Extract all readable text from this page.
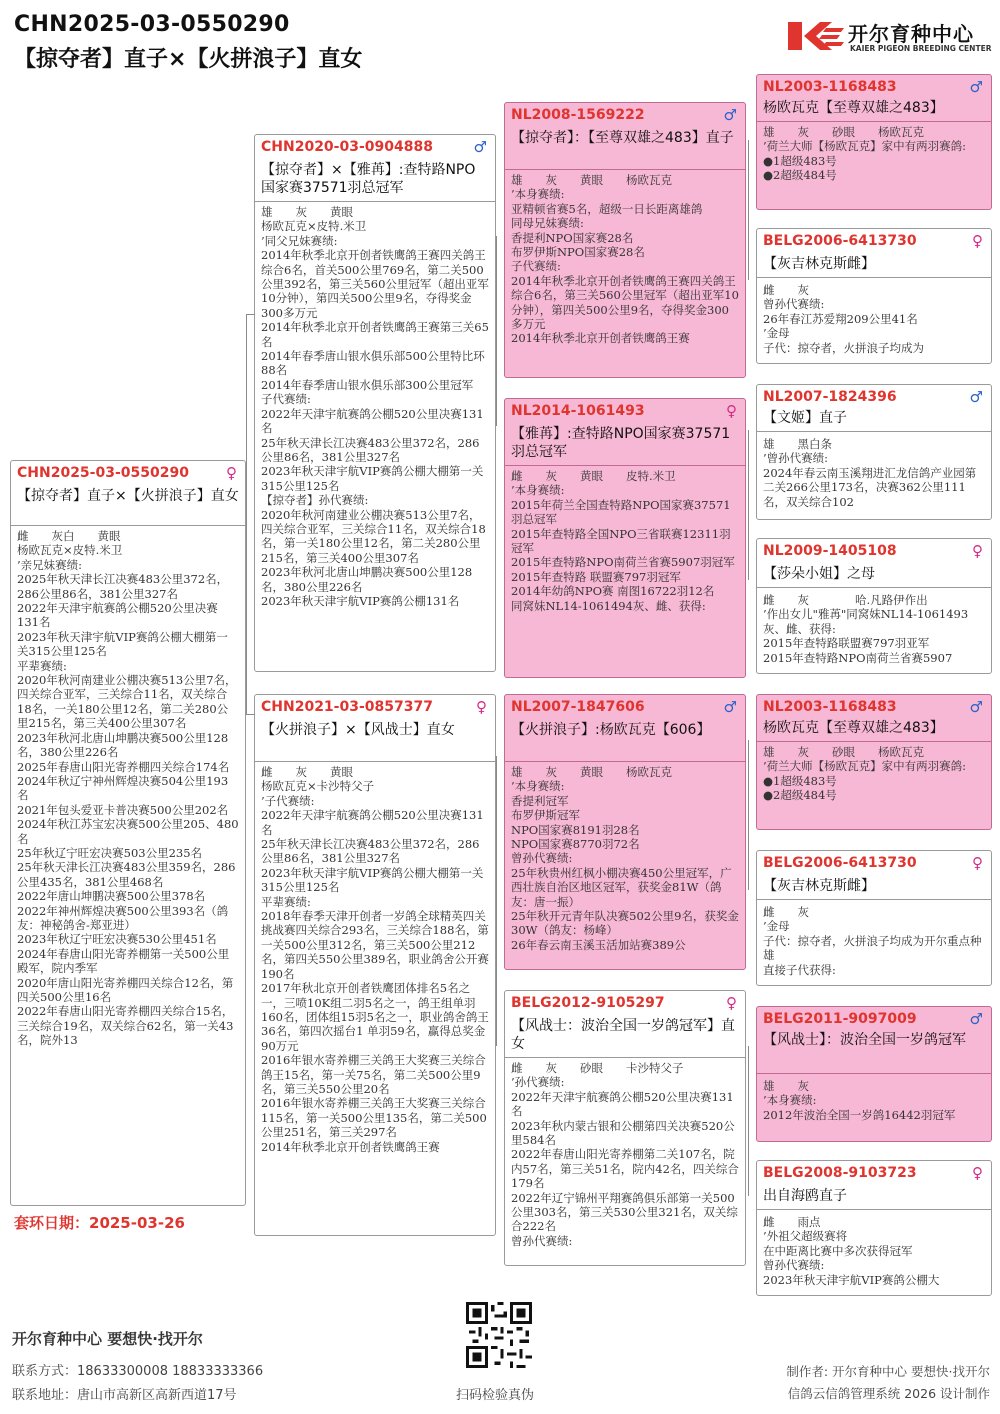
CHN2025-03-0550290
【掠夺者】直子×【火拼浪子】直女
开尔育种中心
KAIER PIGEON BREEDING CENTER
CHN2025-03-0550290 ♀
【掠夺者】直子×【火拼浪子】直女
雌　　灰白　　黄眼
杨欧瓦克×皮特.米卫
’亲兄妹赛绩:
2025年秋天津长江决赛483公里372名，286公里86名，381公里327名
2022年天津宇航赛鸽公棚520公里决赛131名
2023年秋天津宇航VIP赛鸽公棚大棚第一关315公里125名
平辈赛绩:
2020年秋河南建业公棚决赛513公里7名，四关综合亚军，三关综合11名，双关综合18名，一关180公里12名，第二关280公里215名，第三关400公里307名
2023年秋河北唐山坤鹏决赛500公里128名，380公里226名
2025年春唐山阳光寄养棚四关综合174名
2024年秋辽宁神州辉煌决赛504公里193名
2021年包头爱亚卡普决赛500公里202名
2024年秋江苏宝宏决赛500公里205、480名
25年秋辽宁旺宏决赛503公里235名
25年秋天津长江决赛483公里359名，286公里435名，381公里468名
2022年唐山坤鹏决赛500公里378名
2022年神州辉煌决赛500公里393名（鸽友：神秘鸽舍-郑亚进）
2023年秋辽宁旺宏决赛530公里451名
2024年春唐山阳光寄养棚第一关500公里殿军，院内季军
2020年唐山阳光寄养棚四关综合12名，第四关500公里16名
2022年春唐山阳光寄养棚四关综合15名，三关综合19名，双关综合62名，第一关43名，院外13
CHN2020-03-0904888	♂
【掠夺者】×【雅苒】:查特路NPO国家赛37571羽总冠军
雄　　灰　　黄眼
杨欧瓦克×皮特.米卫
’同父兄妹赛绩:
2014年秋季北京开创者铁鹰鸽王赛四关鸽王综合6名，首关500公里769名，第二关500公里392名，第三关560公里冠军（超出亚军10分钟），第四关500公里9名，夺得奖金300多万元
2014年秋季北京开创者铁鹰鸽王赛第三关65名
2014年春季唐山银水俱乐部500公里特比环88名
2014年春季唐山银水俱乐部300公里冠军
子代赛绩:
2022年天津宇航赛鸽公棚520公里决赛131名
25年秋天津长江决赛483公里372名，286公里86名，381公里327名
2023年秋天津宇航VIP赛鸽公棚大棚第一关315公里125名
【掠夺者】孙代赛绩:
2020年秋河南建业公棚决赛513公里7名，四关综合亚军，三关综合11名，双关综合18名，第一关180公里12名，第二关280公里215名，第三关400公里307名
2023年秋河北唐山坤鹏决赛500公里128名，380公里226名
2023年秋天津宇航VIP赛鸽公棚131名
CHN2021-03-0857377	♀
【火拼浪子】×【风战士】直女
雌　　灰　　黄眼
杨欧瓦克×卡沙特父子
’子代赛绩:
2022年天津宇航赛鸽公棚520公里决赛131名
25年秋天津长江决赛483公里372名，286公里86名，381公里327名
2023年秋天津宇航VIP赛鸽公棚大棚第一关315公里125名
平辈赛绩:
2018年春季天津开创者一岁鸽全球精英四关挑战赛四关综合293名，三关综合188名，第一关500公里312名，第三关500公里212名，第四关550公里389名，职业鸽舍公开赛190名
2017年秋北京开创者铁鹰团体排名5名之一，三喷10K组二羽5名之一，鸽王组单羽160名，团体组15羽5名之一，职业鸽舍鸽王36名，第四次摇台1 单羽59名，赢得总奖金90万元
2016年银水寄养棚三关鸽王大奖赛三关综合鸽王15名，第一关75名，第二关500公里9名，第三关550公里20名
2016年银水寄养棚三关鸽王大奖赛三关综合115名，第一关500公里135名，第二关500公里251名，第三关297名
2014年秋季北京开创者铁鹰鸽王赛
NL2008-1569222	♂
【掠夺者】：【至尊双雄之483】直子
雄　　灰　　黄眼　　杨欧瓦克
’本身赛绩:
亚精顿省赛5名，超级一日长距离雄鸽
同母兄妹赛绩:
香提利NPO国家赛28名
布罗伊斯NPO国家赛28名
子代赛绩:
2014年秋季北京开创者铁鹰鸽王赛四关鸽王综合6名，第三关560公里冠军（超出亚军10分钟），第四关500公里9名，夺得奖金300多万元
2014年秋季北京开创者铁鹰鸽王赛
NL2014-1061493	♀
【雅苒】:查特路NPO国家赛37571羽总冠军
雌　　灰　　黄眼　　皮特.米卫
’本身赛绩:
2015年荷兰全国查特路NPO国家赛37571羽总冠军
2015年查特路全国NPO三省联赛12311羽冠军
2015年查特路NPO南荷兰省赛5907羽冠军
2015年查特路 联盟赛797羽冠军
2014年幼鸽NPO赛 南图16722羽12名
同窝妹NL14-1061494灰、雌、获得:
NL2007-1847606	♂
【火拼浪子】:杨欧瓦克【606】
雄　　灰　　黄眼　　杨欧瓦克
’本身赛绩:
香提利冠军
布罗伊斯冠军
NPO国家赛8191羽28名
NPO国家赛8770羽72名
曾孙代赛绩:
25年秋贵州红枫小棚决赛450公里冠军，广西壮族自治区地区冠军，获奖金81W（鸽友：唐一振）
25年秋开元青年队决赛502公里9名，获奖金30W（鸽友：杨峰）
26年春云南玉溪玉活加站赛389公
BELG2012-9105297	♀
【风战士：波治全国一岁鸽冠军】直女
雌　　灰　　砂眼　　卡沙特父子
’孙代赛绩:
2022年天津宇航赛鸽公棚520公里决赛131名
2023年秋内蒙古银和公棚第四关决赛520公里584名
2022年春唐山阳光寄养棚第二关107名，院内57名，第三关51名，院内42名，四关综合179名
2022年辽宁锦州平翔赛鸽俱乐部第一关500公里303名，第三关530公里321名，双关综合222名
曾孙代赛绩:
NL2003-1168483	♂
杨欧瓦克【至尊双雄之483】
雄　　灰　　砂眼　　杨欧瓦克
’荷兰大师【杨欧瓦克】家中有两羽赛鸽:
●1超级483号
●2超级484号
BELG2006-6413730	♀
【灰吉林克斯雌】
雌　　灰
曾孙代赛绩:
26年春江苏爱翔209公里41名
’金母
子代：掠夺者，火拼浪子均成为
NL2007-1824396	♂
【文姬】直子
雄　　黑白条
’曾孙代赛绩:
2024年春云南玉溪翔进汇龙信鸽产业园第二关266公里173名，决赛362公里111名，双关综合102
NL2009-1405108	♀
【莎朵小姐】之母
雌　　灰　　　　哈.凡路伊作出
’作出女儿"雅苒"同窝妹NL14-1061493灰、雌、获得:
2015年查特路联盟赛797羽亚军
2015年查特路NPO南荷兰省赛5907
NL2003-1168483	♂
杨欧瓦克【至尊双雄之483】
雄　　灰　　砂眼　　杨欧瓦克
’荷兰大师【杨欧瓦克】家中有两羽赛鸽:
●1超级483号
●2超级484号
BELG2006-6413730	♀
【灰吉林克斯雌】
雌　　灰
’金母
子代：掠夺者，火拼浪子均成为开尔重点种雄
直接子代获得:
BELG2011-9097009	♂
【风战士】：波治全国一岁鸽冠军
雄　　灰
’本身赛绩:
2012年波治全国一岁鸽16442羽冠军
BELG2008-9103723	♀
出自海鸥直子
雌　　雨点
’外祖父超级赛将
在中距离比赛中多次获得冠军
曾孙代赛绩:
2023年秋天津宇航VIP赛鸽公棚大
套环日期：2025-03-26
开尔育种中心 要想快·找开尔
联系方式：18633300008 18833333366
联系地址：唐山市高新区高新西道17号	扫码检验真伪
制作者: 开尔育种中心 要想快·找开尔
信鸽云信鸽管理系统 2026 设计制作
